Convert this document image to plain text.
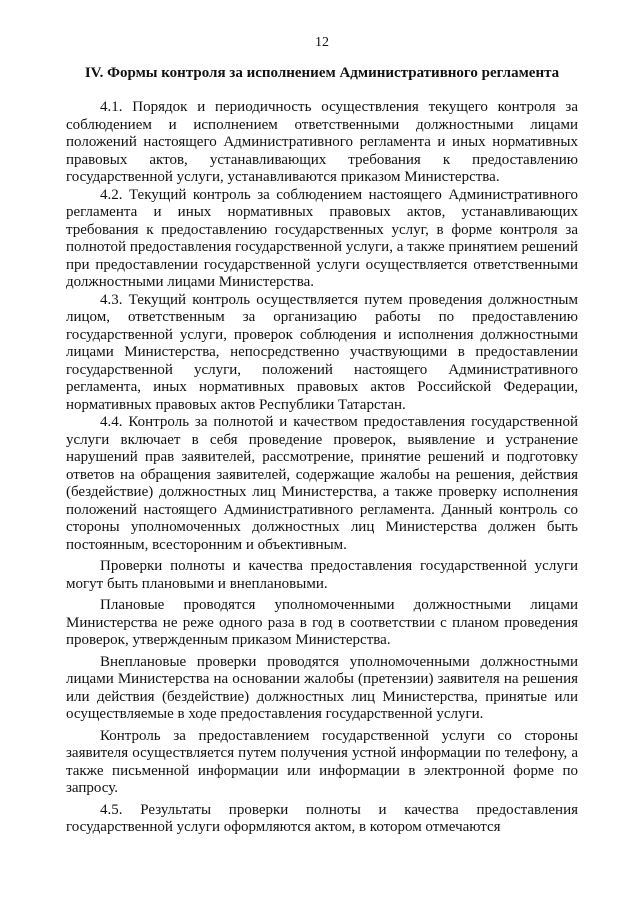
12
IV. Формы контроля за исполнением Административного регламента

4.1. Порядок и периодичность осуществления текущего контроля за соблюдением и исполнением ответственными должностными лицами положений настоящего Административного регламента и иных нормативных правовых актов, устанавливающих требования к предоставлению государственной услуги, устанавливаются приказом Министерства.

4.2. Текущий контроль за соблюдением настоящего Административного регламента и иных нормативных правовых актов, устанавливающих требования к предоставлению государственных услуг, в форме контроля за полнотой предоставления государственной услуги, а также принятием решений при предоставлении государственной услуги осуществляется ответственными должностными лицами Министерства.

4.3. Текущий контроль осуществляется путем проведения должностным лицом, ответственным за организацию работы по предоставлению государственной услуги, проверок соблюдения и исполнения должностными лицами Министерства, непосредственно участвующими в предоставлении государственной услуги, положений настоящего Административного регламента, иных нормативных правовых актов Российской Федерации, нормативных правовых актов Республики Татарстан.

4.4. Контроль за полнотой и качеством предоставления государственной услуги включает в себя проведение проверок, выявление и устранение нарушений прав заявителей, рассмотрение, принятие решений и подготовку ответов на обращения заявителей, содержащие жалобы на решения, действия (бездействие) должностных лиц Министерства, а также проверку исполнения положений настоящего Административного регламента. Данный контроль со стороны уполномоченных должностных лиц Министерства должен быть постоянным, всесторонним и объективным.

Проверки полноты и качества предоставления государственной услуги могут быть плановыми и внеплановыми.

Плановые проводятся уполномоченными должностными лицами Министерства не реже одного раза в год в соответствии с планом проведения проверок, утвержденным приказом Министерства.

Внеплановые проверки проводятся уполномоченными должностными лицами Министерства на основании жалобы (претензии) заявителя на решения или действия (бездействие) должностных лиц Министерства, принятые или осуществляемые в ходе предоставления государственной услуги.

Контроль за предоставлением государственной услуги со стороны заявителя осуществляется путем получения устной информации по телефону, а также письменной информации или информации в электронной форме по запросу.

4.5. Результаты проверки полноты и качества предоставления государственной услуги оформляются актом, в котором отмечаются
